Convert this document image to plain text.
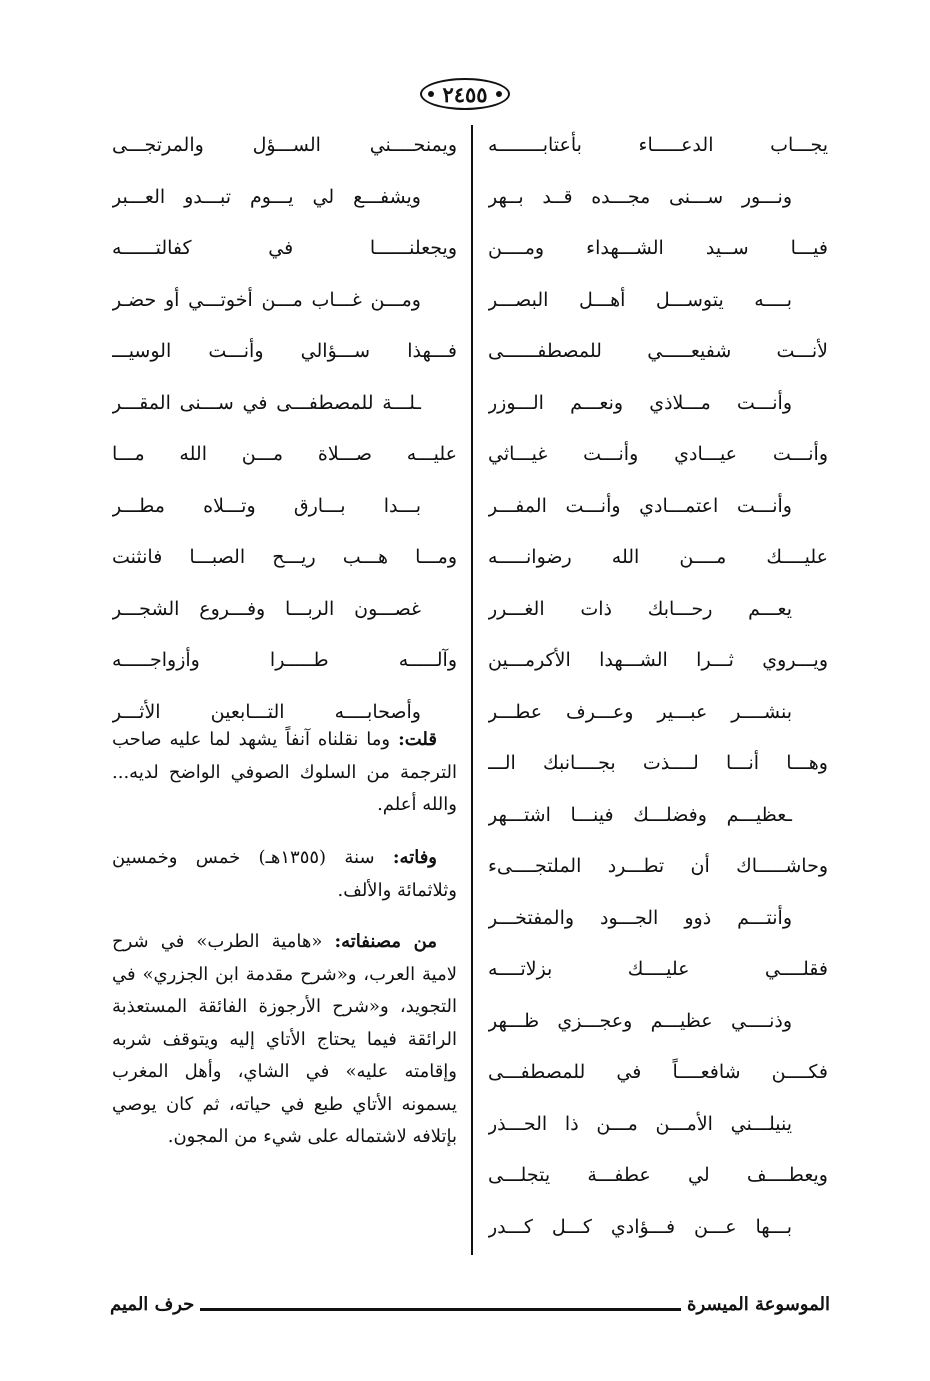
٢٤٥٥
يجـــاب الدعـــــاء بأعتابــــــــه
ونـــور ســـنى مجـــده قــد بــهر
فيـــا ســيد الشـــهداء ومــــن
بــــه يتوســـل أهـــل البصـــر
لأنـــت شفيعـــــي للمصطفــــــى
وأنـــت مـــلاذي ونعـــم الـــوزر
وأنـــت عيـــادي وأنـــت غيـــاثي
وأنـــت اعتمـــادي وأنـــت المفـــر
عليــــك مــــن الله رضوانـــــه
يعـــم رحـــابك ذات الغـــرر
ويـــروي ثـــرا الشـــهدا الأكرمـــين
بنشــــر عبـــير وعـــرف عطـــر
وهـــا أنـــا لــــذت بجــــانبك الـــ
ـعظيـــم وفضلـــك فينـــا اشتـــهر
وحاشـــــاك أن تطـــرد الملتجــــىء
وأنتـــم ذوو الجـــود والمفتخـــر
فقلــــي عليــــك بزلاتــــه
وذنــــي عظيـــم وعجـــزي ظـــهر
فكــــن شافعــــاً في للمصطفـــى
ينيلـــني الأمـــن مـــن ذا الحـــذر
ويعطــــف لي عطفـــة يتجلـــى
بـــها عـــن فـــؤادي كـــل كـــدر
ويمنحــــني الســـؤل والمرتجـــى
ويشفـــع لي يـــوم تبـــدو العـــبر
ويجعلنــــــا في كفالتــــــه
ومـــن غـــاب مـــن أخوتـــي أو حضـر
فـــهذا ســـؤالي وأنـــت الوسيـــ
ـلـــة للمصطفـــى في ســـنى المقـــر
عليـــه صـــلاة مـــن الله مـــا
بـــدا بـــارق وتـــلاه مطـــر
ومـــا هـــب ريـــح الصبـــا فانثنت
غصـــون الربـــا وفـــروع الشجـــر
وآلـــــه طـــــرا وأزواجـــــه
وأصحابــــه التـــابعين الأثـــر
قلت: وما نقلناه آنفاً يشهد لما عليه صاحب الترجمة من السلوك الصوفي الواضح لديه... والله أعلم.
وفاته: سنة (١٣٥٥هـ) خمس وخمسين وثلاثمائة والألف.
من مصنفاته: «هامية الطرب» في شرح لامية العرب، و«شرح مقدمة ابن الجزري» في التجويد، و«شرح الأرجوزة الفائقة المستعذبة الرائقة فيما يحتاج الأتاي إليه ويتوقف شربه وإقامته عليه» في الشاي، وأهل المغرب يسمونه الأتاي طبع في حياته، ثم كان يوصي بإتلافه لاشتماله على شيء من المجون.
الموسوعة الميسرة
حرف الميم
